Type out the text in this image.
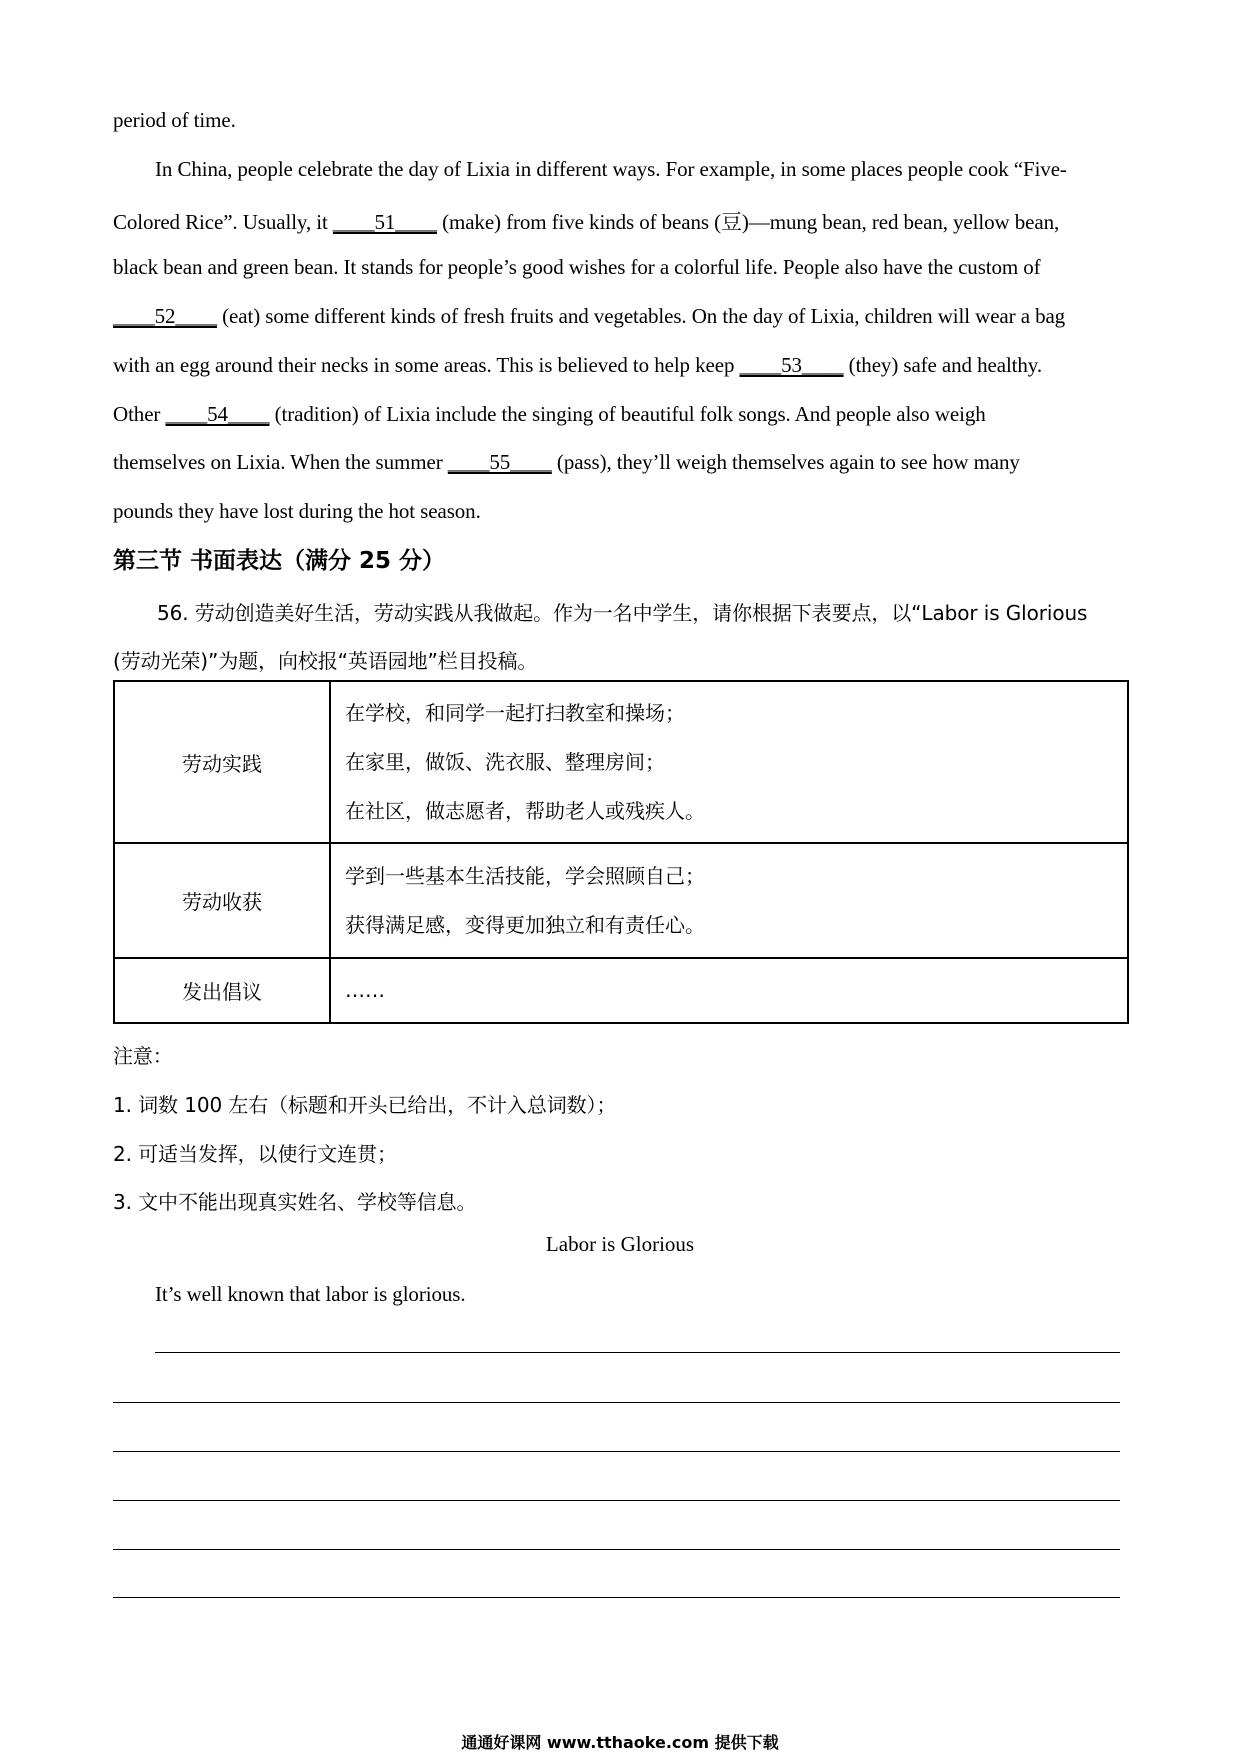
period of time.
In China, people celebrate the day of Lixia in different ways. For example, in some places people cook “Five-
Colored Rice”. Usually, it ____51____ (make) from five kinds of beans (豆)—mung bean, red bean, yellow bean,
black bean and green bean. It stands for people’s good wishes for a colorful life. People also have the custom of
____52____ (eat) some different kinds of fresh fruits and vegetables. On the day of Lixia, children will wear a bag
with an egg around their necks in some areas. This is believed to help keep ____53____ (they) safe and healthy.
Other ____54____ (tradition) of Lixia include the singing of beautiful folk songs. And people also weigh
themselves on Lixia. When the summer ____55____ (pass), they’ll weigh themselves again to see how many
pounds they have lost during the hot season.
第三节 书面表达（满分 25 分）
56. 劳动创造美好生活，劳动实践从我做起。作为一名中学生，请你根据下表要点，以“Labor is Glorious
(劳动光荣)”为题，向校报“英语园地”栏目投稿。
劳动实践	在学校，和同学一起打扫教室和操场；
在家里，做饭、洗衣服、整理房间；
在社区，做志愿者，帮助老人或残疾人。

劳动收获	学到一些基本生活技能，学会照顾自己；
获得满足感，变得更加独立和有责任心。

发出倡议	……
注意：
1. 词数 100 左右（标题和开头已给出，不计入总词数）；
2. 可适当发挥，以使行文连贯；
3. 文中不能出现真实姓名、学校等信息。
Labor is Glorious
It’s well known that labor is glorious.
通通好课网 www.tthaoke.com 提供下载
